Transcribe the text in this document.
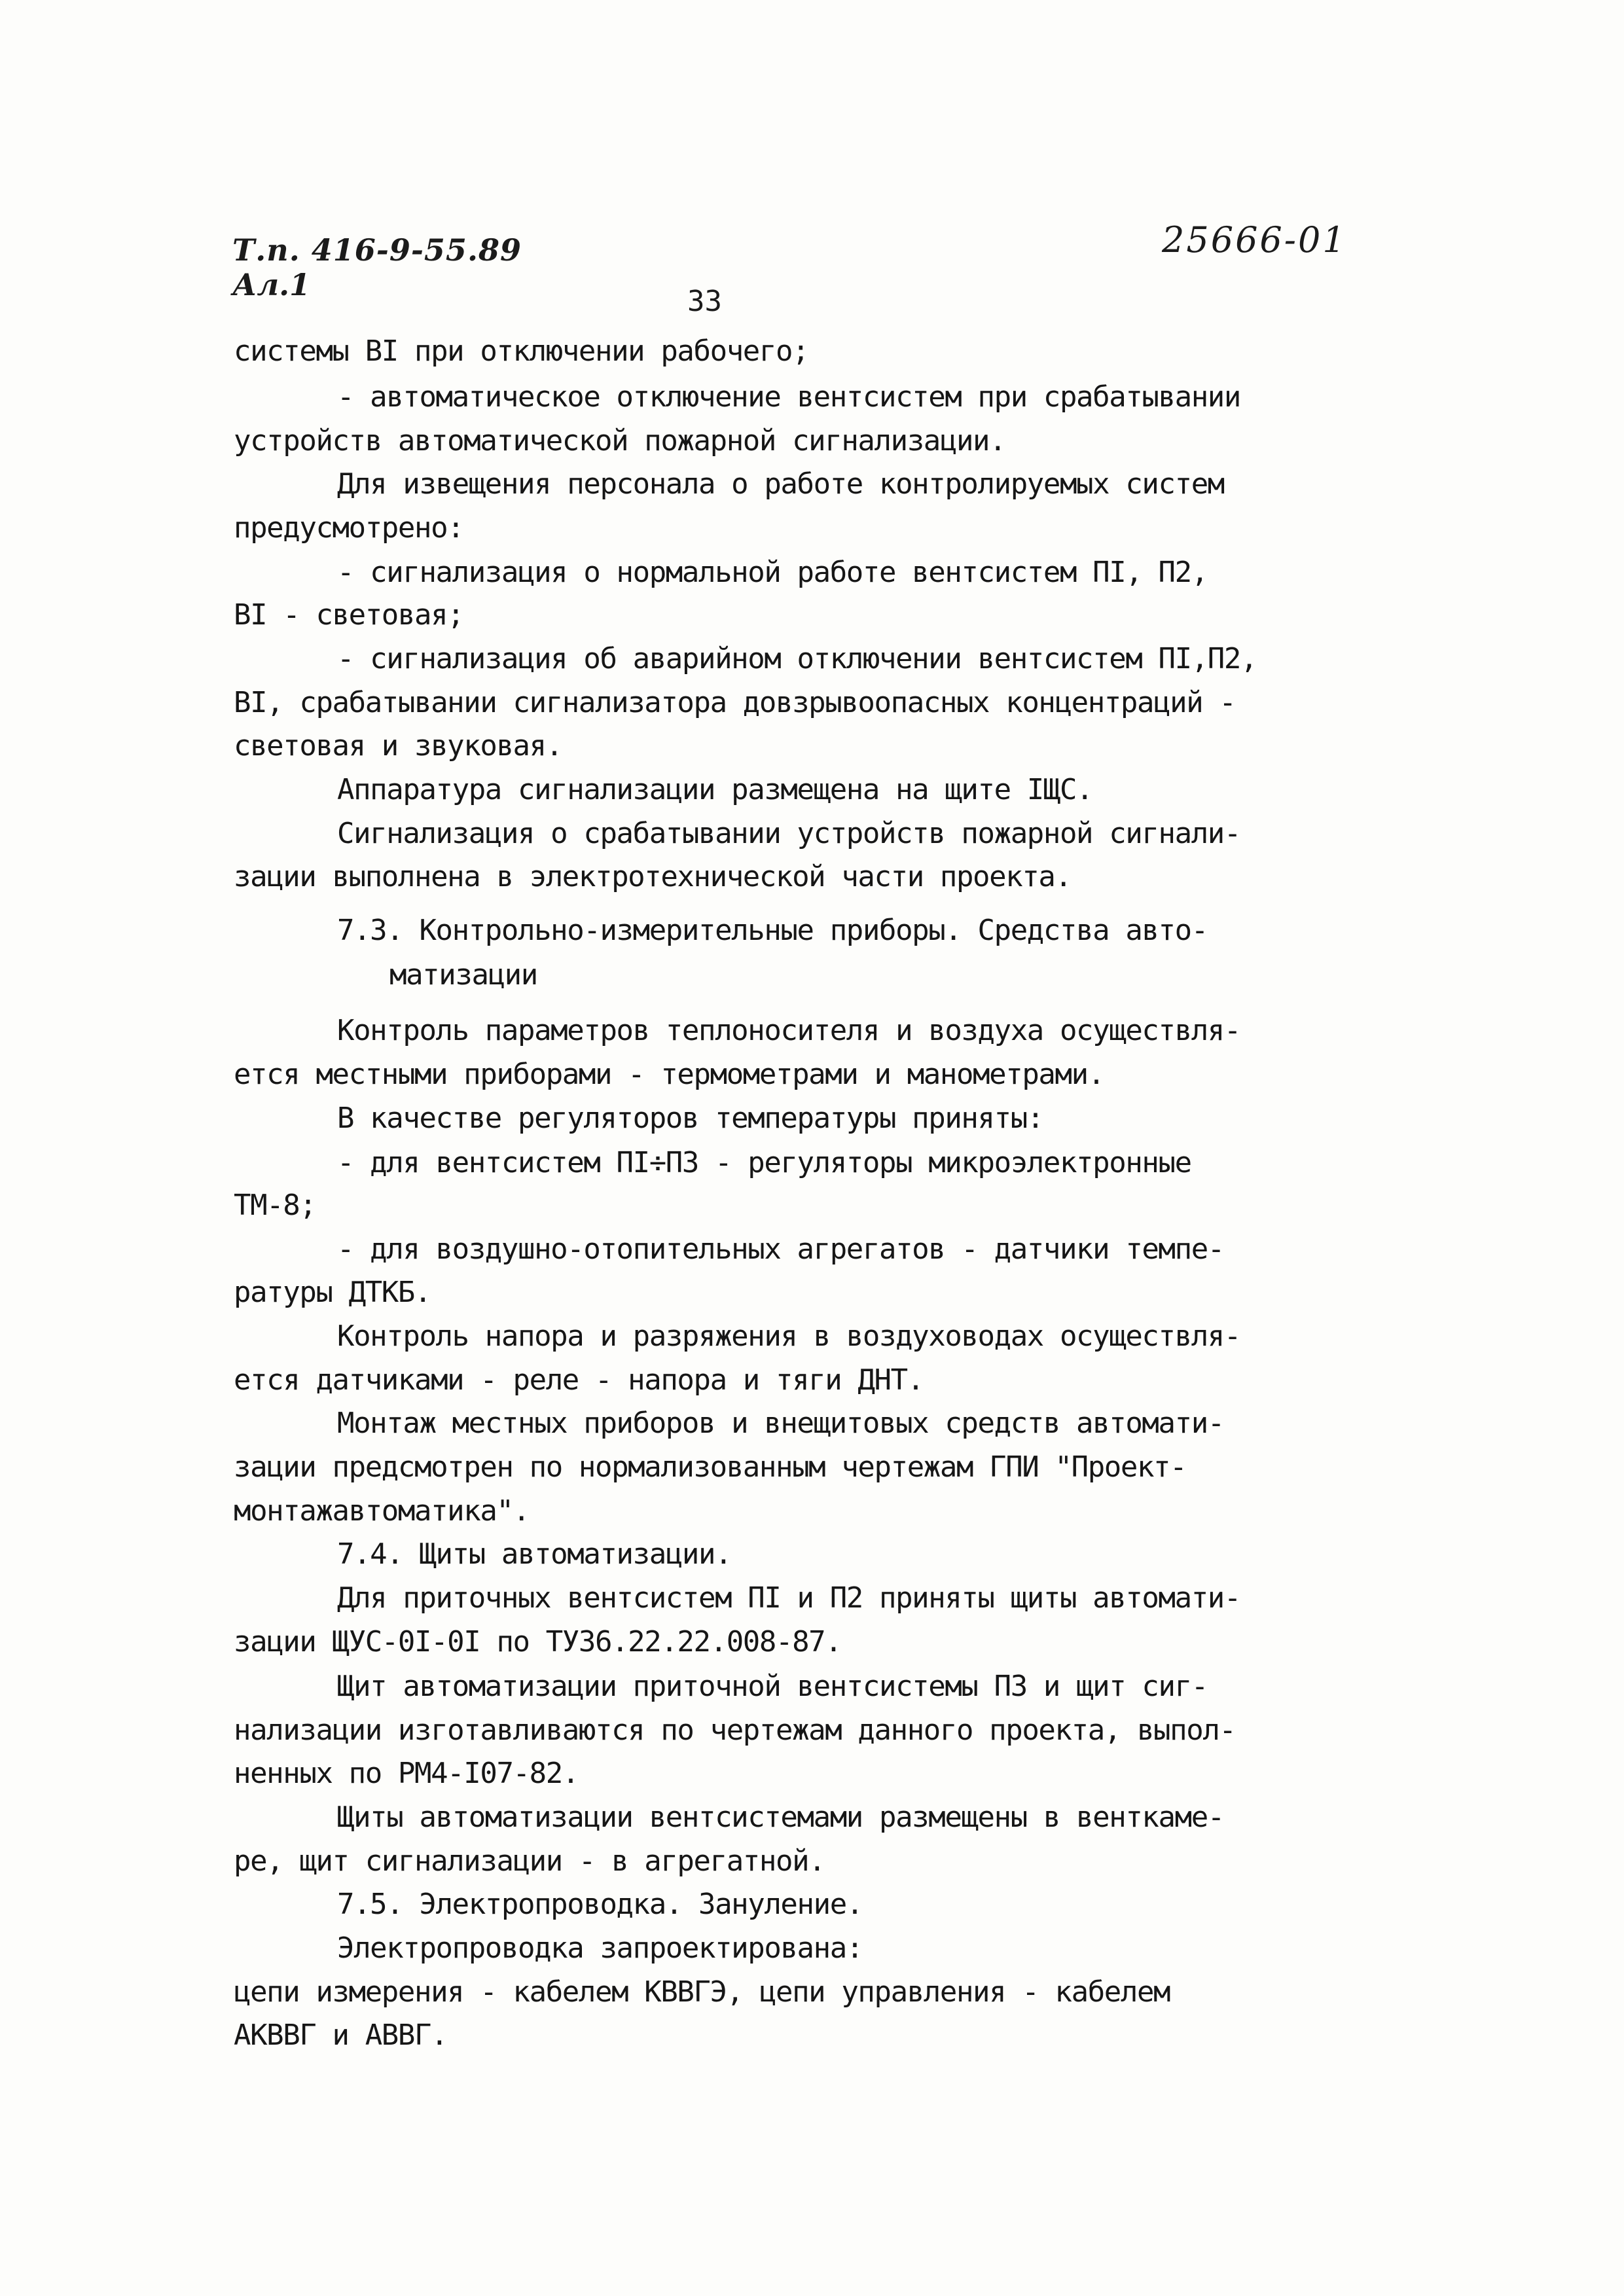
Т.п. 416-9-55.89
Ал.1
25666-01
33
системы ВI при отключении рабочего;
- автоматическое отключение вентсистем при срабатывании
устройств автоматической пожарной сигнализации.
Для извещения персонала о работе контролируемых систем
предусмотрено:
- сигнализация о нормальной работе вентсистем ПI, П2,
ВI - световая;
- сигнализация об аварийном отключении вентсистем ПI,П2,
ВI, срабатывании сигнализатора довзрывоопасных концентраций -
световая и звуковая.
Аппаратура сигнализации размещена на щите IЩС.
Сигнализация о срабатывании устройств пожарной сигнали-
зации выполнена в электротехнической части проекта.
7.3. Контрольно-измерительные приборы. Средства авто-
матизации
Контроль параметров теплоносителя и воздуха осуществля-
ется местными приборами - термометрами и манометрами.
В качестве регуляторов температуры приняты:
- для вентсистем ПI÷П3 - регуляторы микроэлектронные
ТМ-8;
- для воздушно-отопительных агрегатов - датчики темпе-
ратуры ДТКБ.
Контроль напора и разряжения в воздуховодах осуществля-
ется датчиками - реле - напора и тяги ДНТ.
Монтаж местных приборов и внещитовых средств автомати-
зации предсмотрен по нормализованным чертежам ГПИ "Проект-
монтажавтоматика".
7.4. Щиты автоматизации.
Для приточных вентсистем ПI и П2 приняты щиты автомати-
зации ЩУС-0I-0I по ТУ36.22.22.008-87.
Щит автоматизации приточной вентсистемы П3 и щит сиг-
нализации изготавливаются по чертежам данного проекта, выпол-
ненных по РМ4-I07-82.
Щиты автоматизации вентсистемами размещены в венткаме-
ре, щит сигнализации - в агрегатной.
7.5. Электропроводка. Зануление.
Электропроводка запроектирована:
цепи измерения - кабелем КВВГЭ, цепи управления - кабелем
АКВВГ и АВВГ.
